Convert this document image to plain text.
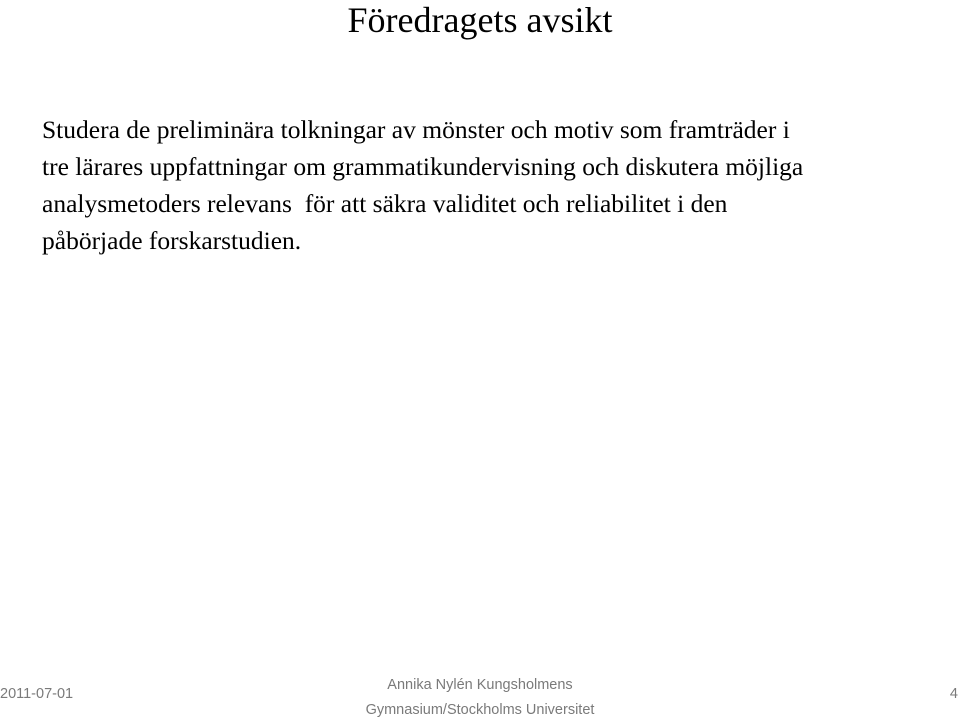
Föredragets avsikt
Studera de preliminära tolkningar av mönster och motiv som framträder i
tre lärares uppfattningar om grammatikundervisning och diskutera möjliga
analysmetoders relevans  för att säkra validitet och reliabilitet i den
påbörjade forskarstudien.
2011-07-01
Annika Nylén Kungsholmens
Gymnasium/Stockholms Universitet
4
